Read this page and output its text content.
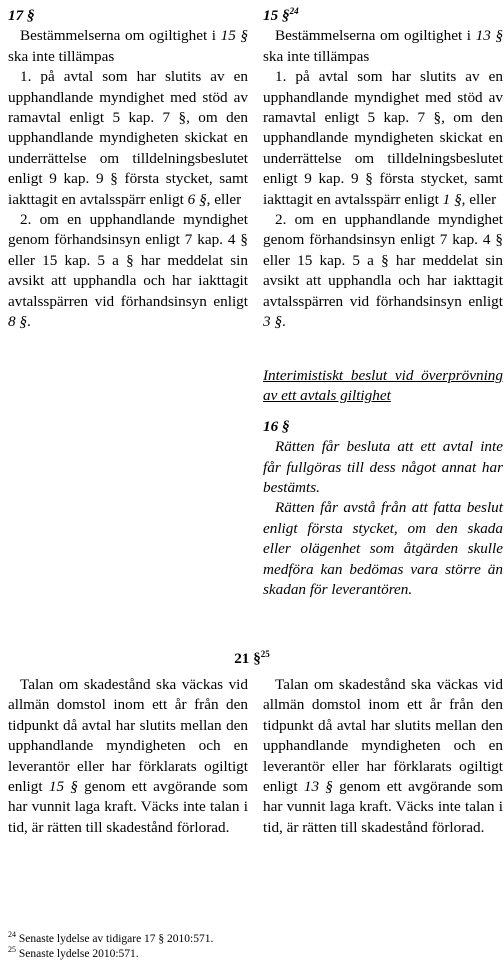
17 §

Bestämmelserna om ogiltighet i 15 § ska inte tillämpas

1. på avtal som har slutits av en upphandlande myndighet med stöd av ramavtal enligt 5 kap. 7 §, om den upphandlande myndigheten skickat en underrättelse om tilldelningsbeslutet enligt 9 kap. 9 § första stycket, samt iakttagit en avtalsspärr enligt 6 §, eller

2. om en upphandlande myndighet genom förhandsinsyn enligt 7 kap. 4 § eller 15 kap. 5 a § har meddelat sin avsikt att upphandla och har iakttagit avtalsspärren vid förhandsinsyn enligt 8 §.

15 §$^{24}$

Bestämmelserna om ogiltighet i 13 § ska inte tillämpas

1. på avtal som har slutits av en upphandlande myndighet med stöd av ramavtal enligt 5 kap. 7 §, om den upphandlande myndigheten skickat en underrättelse om tilldelningsbeslutet enligt 9 kap. 9 § första stycket, samt iakttagit en avtalsspärr enligt 1 §, eller

2. om en upphandlande myndighet genom förhandsinsyn enligt 7 kap. 4 § eller 15 kap. 5 a § har meddelat sin avsikt att upphandla och har iakttagit avtalsspärren vid förhandsinsyn enligt 3 §.

Interimistiskt beslut vid överprövning av ett avtals giltighet

16 §

Rätten får besluta att ett avtal inte får fullgöras till dess något annat har bestämts.

Rätten får avstå från att fatta beslut enligt första stycket, om den skada eller olägenhet som åtgärden skulle medföra kan bedömas vara större än skadan för leverantören.

21 §$^{25}$

Talan om skadestånd ska väckas vid allmän domstol inom ett år från den tidpunkt då avtal har slutits mellan den upphandlande myndigheten och en leverantör eller har förklarats ogiltigt enligt 15 § genom ett avgörande som har vunnit laga kraft. Väcks inte talan i tid, är rätten till skadestånd förlorad.

Talan om skadestånd ska väckas vid allmän domstol inom ett år från den tidpunkt då avtal har slutits mellan den upphandlande myndigheten och en leverantör eller har förklarats ogiltigt enligt 13 § genom ett avgörande som har vunnit laga kraft. Väcks inte talan i tid, är rätten till skadestånd förlorad.

$^{24}$ Senaste lydelse av tidigare 17 § 2010:571.
$^{25}$ Senaste lydelse 2010:571.
